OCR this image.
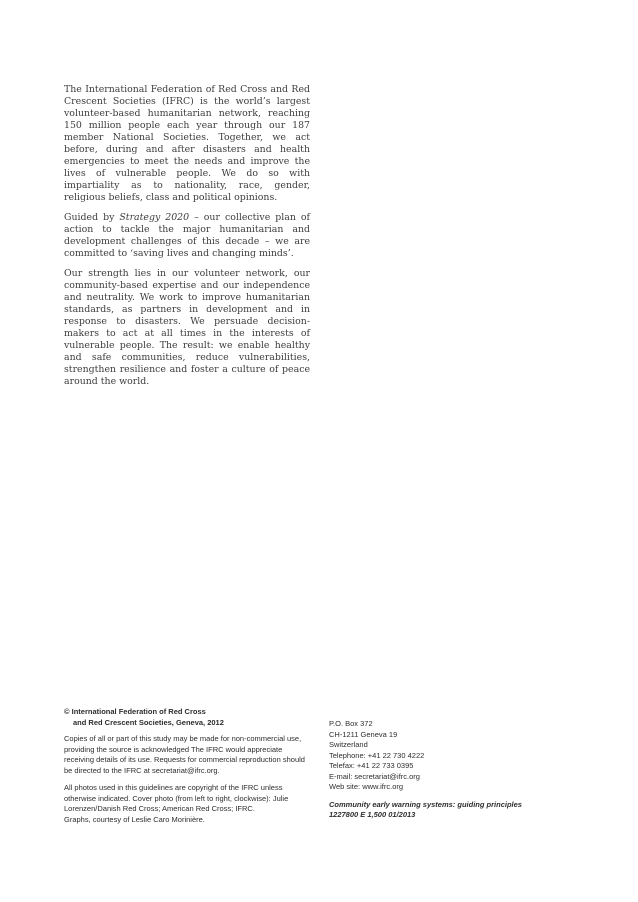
The International Federation of Red Cross and Red Crescent Societies (IFRC) is the world’s largest volunteer-based humanitarian network, reaching 150 million people each year through our 187 member National Societies. Together, we act before, during and after disasters and health emergencies to meet the needs and improve the lives of vulnerable people. We do so with impartiality as to nationality, race, gender, religious beliefs, class and political opinions.

Guided by Strategy 2020 – our collective plan of action to tackle the major humanitarian and development challenges of this decade – we are committed to ‘saving lives and changing minds’.

Our strength lies in our volunteer network, our community-based expertise and our independence and neutrality. We work to improve humanitarian standards, as partners in development and in response to disasters. We persuade decision-makers to act at all times in the interests of vulnerable people. The result: we enable healthy and safe communities, reduce vulnerabilities, strengthen resilience and foster a culture of peace around the world.

© International Federation of Red Cross
and Red Crescent Societies, Geneva, 2012

Copies of all or part of this study may be made for non-commercial use, providing the source is acknowledged The IFRC would appreciate receiving details of its use. Requests for commercial reproduction should be directed to the IFRC at secretariat@ifrc.org.

All photos used in this guidelines are copyright of the IFRC unless otherwise indicated. Cover photo (from left to right, clockwise): Julie Lorenzen/Danish Red Cross; American Red Cross; IFRC.

Graphs, courtesy of Leslie Caro Morinière.

P.O. Box 372
CH-1211 Geneva 19
Switzerland
Telephone: +41 22 730 4222
Telefax: +41 22 733 0395
E-mail: secretariat@ifrc.org
Web site: www.ifrc.org
Community early warning systems: guiding principles
1227800 E 1,500 01/2013
